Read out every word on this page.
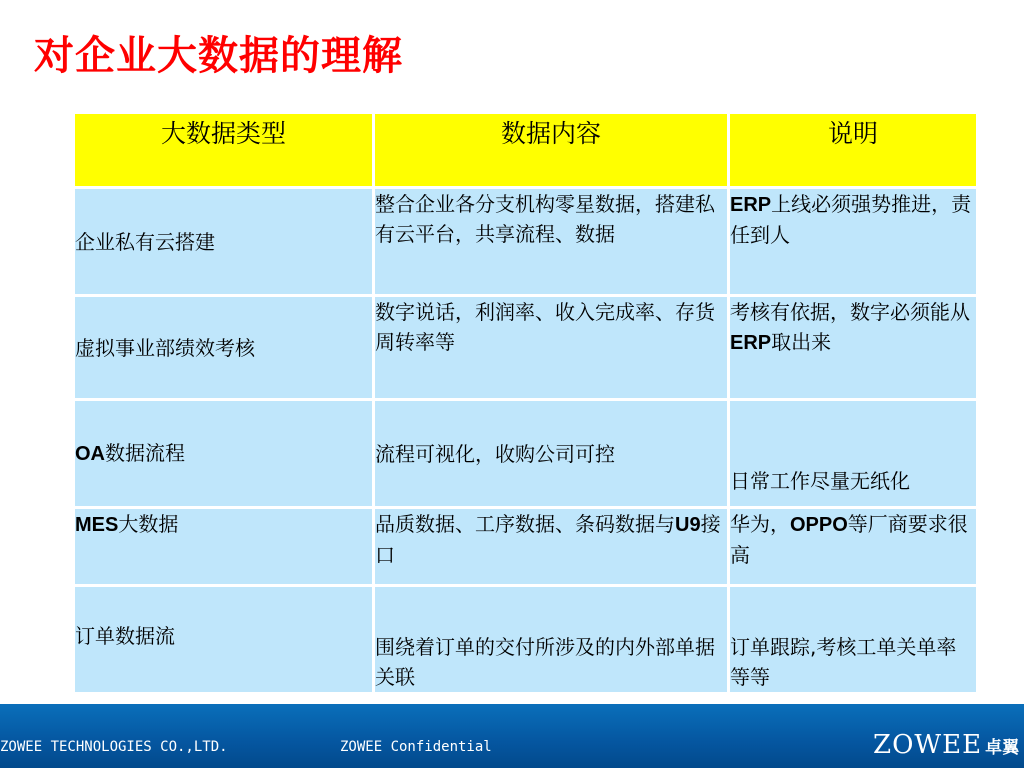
对企业大数据的理解
大数据类型	数据内容	说明
企业私有云搭建	整合企业各分支机构零星数据，搭建私有云平台，共享流程、数据	ERP上线必须强势推进，责任到人
虚拟事业部绩效考核	数字说话，利润率、收入完成率、存货周转率等	考核有依据，数字必须能从ERP取出来
OA数据流程	流程可视化，收购公司可控	日常工作尽量无纸化
MES大数据	品质数据、工序数据、条码数据与U9接口	华为，OPPO等厂商要求很高
订单数据流	围绕着订单的交付所涉及的内外部单据关联	订单跟踪,考核工单关单率等等
ZOWEE TECHNOLOGIES CO.,LTD.	ZOWEE Confidential	ZOWEE 卓翼
